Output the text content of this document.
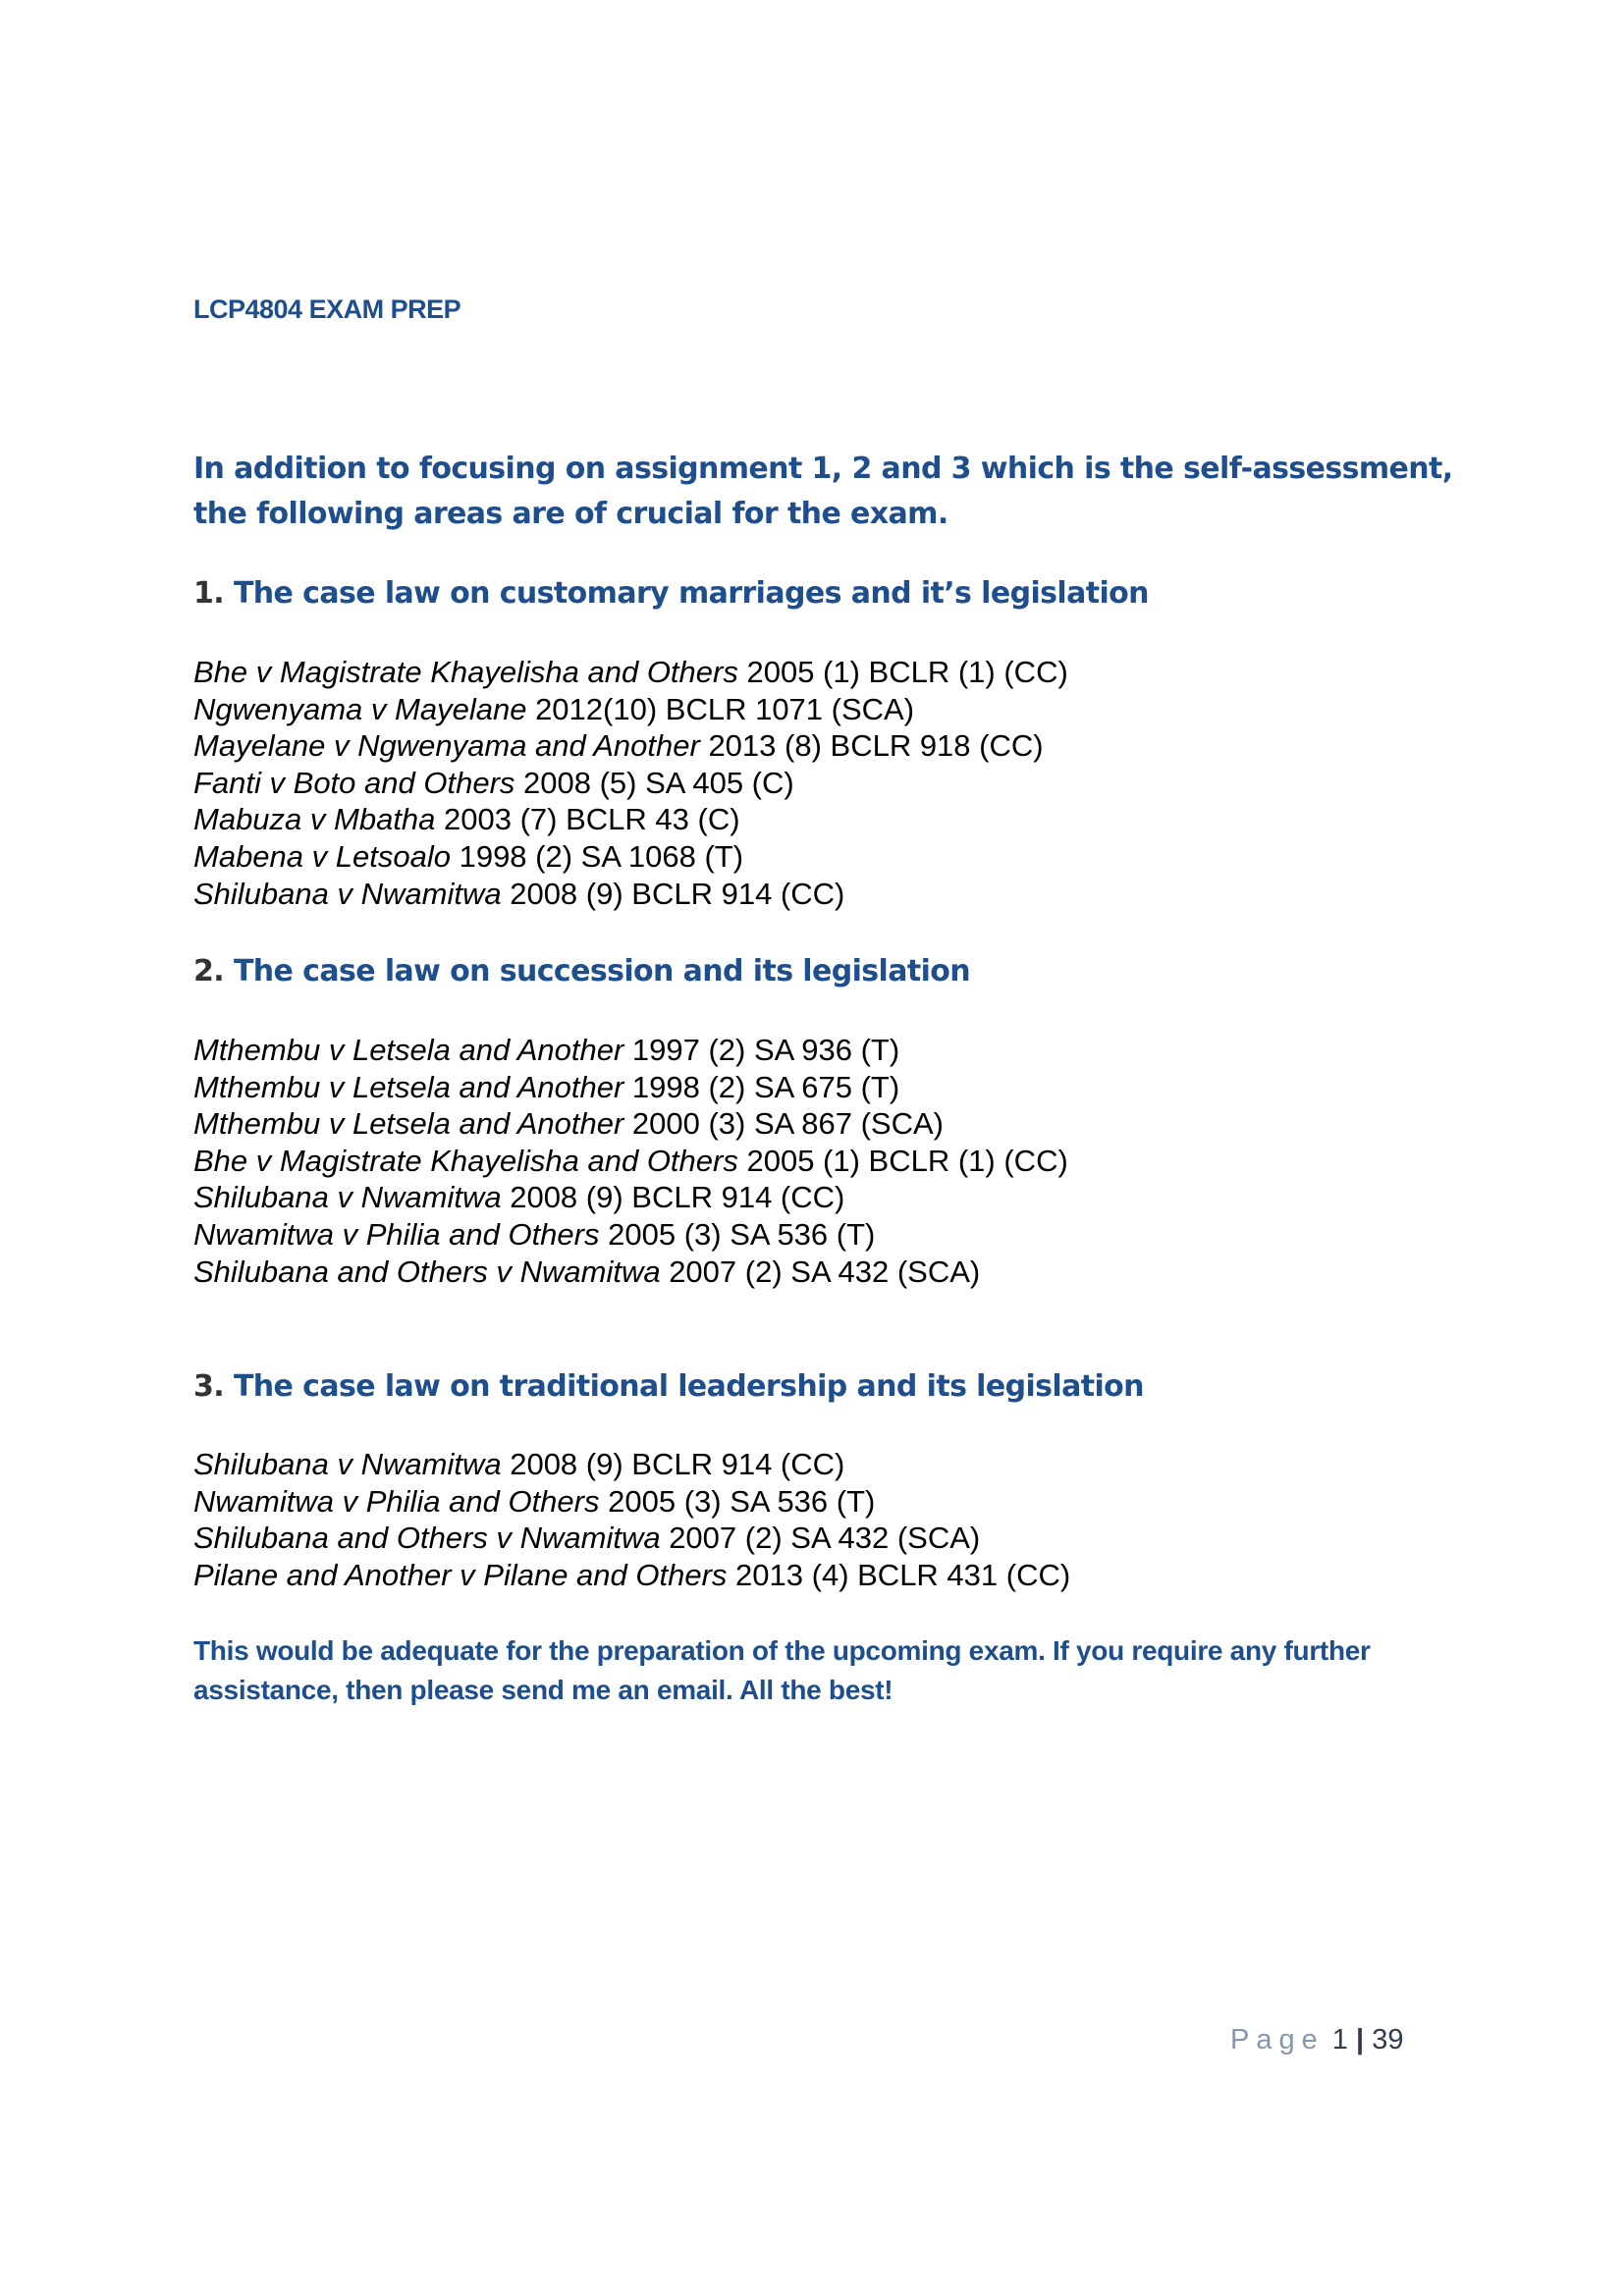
LCP4804 EXAM PREP
In addition to focusing on assignment 1, 2 and 3 which is the self-assessment, the following areas are of crucial for the exam.
1. The case law on customary marriages and it’s legislation
Bhe v Magistrate Khayelisha and Others 2005 (1) BCLR (1) (CC)
Ngwenyama v Mayelane 2012(10) BCLR 1071 (SCA)
Mayelane v Ngwenyama and Another 2013 (8) BCLR 918 (CC)
Fanti v Boto and Others 2008 (5) SA 405 (C)
Mabuza v Mbatha 2003 (7) BCLR 43 (C)
Mabena v Letsoalo 1998 (2) SA 1068 (T)
Shilubana v Nwamitwa 2008 (9) BCLR 914 (CC)
2. The case law on succession and its legislation
Mthembu v Letsela and Another 1997 (2) SA 936 (T)
Mthembu v Letsela and Another 1998 (2) SA 675 (T)
Mthembu v Letsela and Another 2000 (3) SA 867 (SCA)
Bhe v Magistrate Khayelisha and Others 2005 (1) BCLR (1) (CC)
Shilubana v Nwamitwa 2008 (9) BCLR 914 (CC)
Nwamitwa v Philia and Others 2005 (3) SA 536 (T)
Shilubana and Others v Nwamitwa 2007 (2) SA 432 (SCA)
3. The case law on traditional leadership and its legislation
Shilubana v Nwamitwa 2008 (9) BCLR 914 (CC)
Nwamitwa v Philia and Others 2005 (3) SA 536 (T)
Shilubana and Others v Nwamitwa 2007 (2) SA 432 (SCA)
Pilane and Another v Pilane and Others 2013 (4) BCLR 431 (CC)
This would be adequate for the preparation of the upcoming exam. If you require any further assistance, then please send me an email. All the best!
Page 1 | 39
